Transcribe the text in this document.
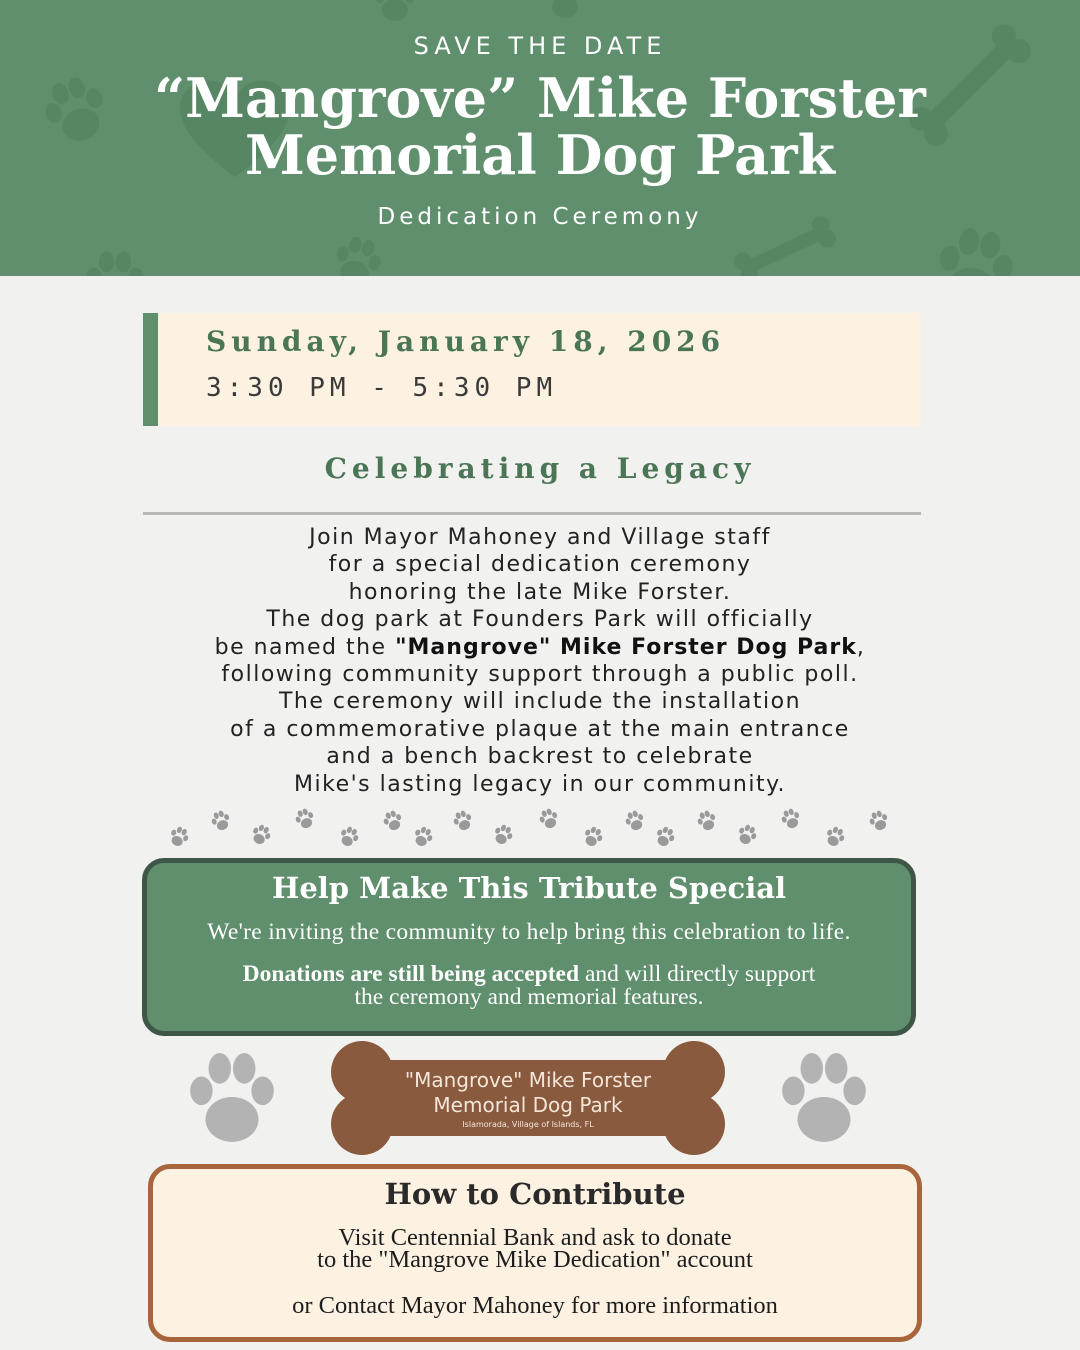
SAVE THE DATE
“Mangrove” Mike Forster
Memorial Dog Park
Dedication Ceremony
Sunday, January 18, 2026
3:30 PM - 5:30 PM
Celebrating a Legacy
Join Mayor Mahoney and Village staff
for a special dedication ceremony
honoring the late Mike Forster.
The dog park at Founders Park will officially
be named the "Mangrove" Mike Forster Dog Park,
following community support through a public poll.
The ceremony will include the installation
of a commemorative plaque at the main entrance
and a bench backrest to celebrate
Mike's lasting legacy in our community.
Help Make This Tribute Special
We're inviting the community to help bring this celebration to life.
Donations are still being accepted and will directly support
the ceremony and memorial features.
"Mangrove" Mike Forster
Memorial Dog Park
Islamorada, Village of Islands, FL
How to Contribute
Visit Centennial Bank and ask to donate
to the "Mangrove Mike Dedication" account
or Contact Mayor Mahoney for more information
